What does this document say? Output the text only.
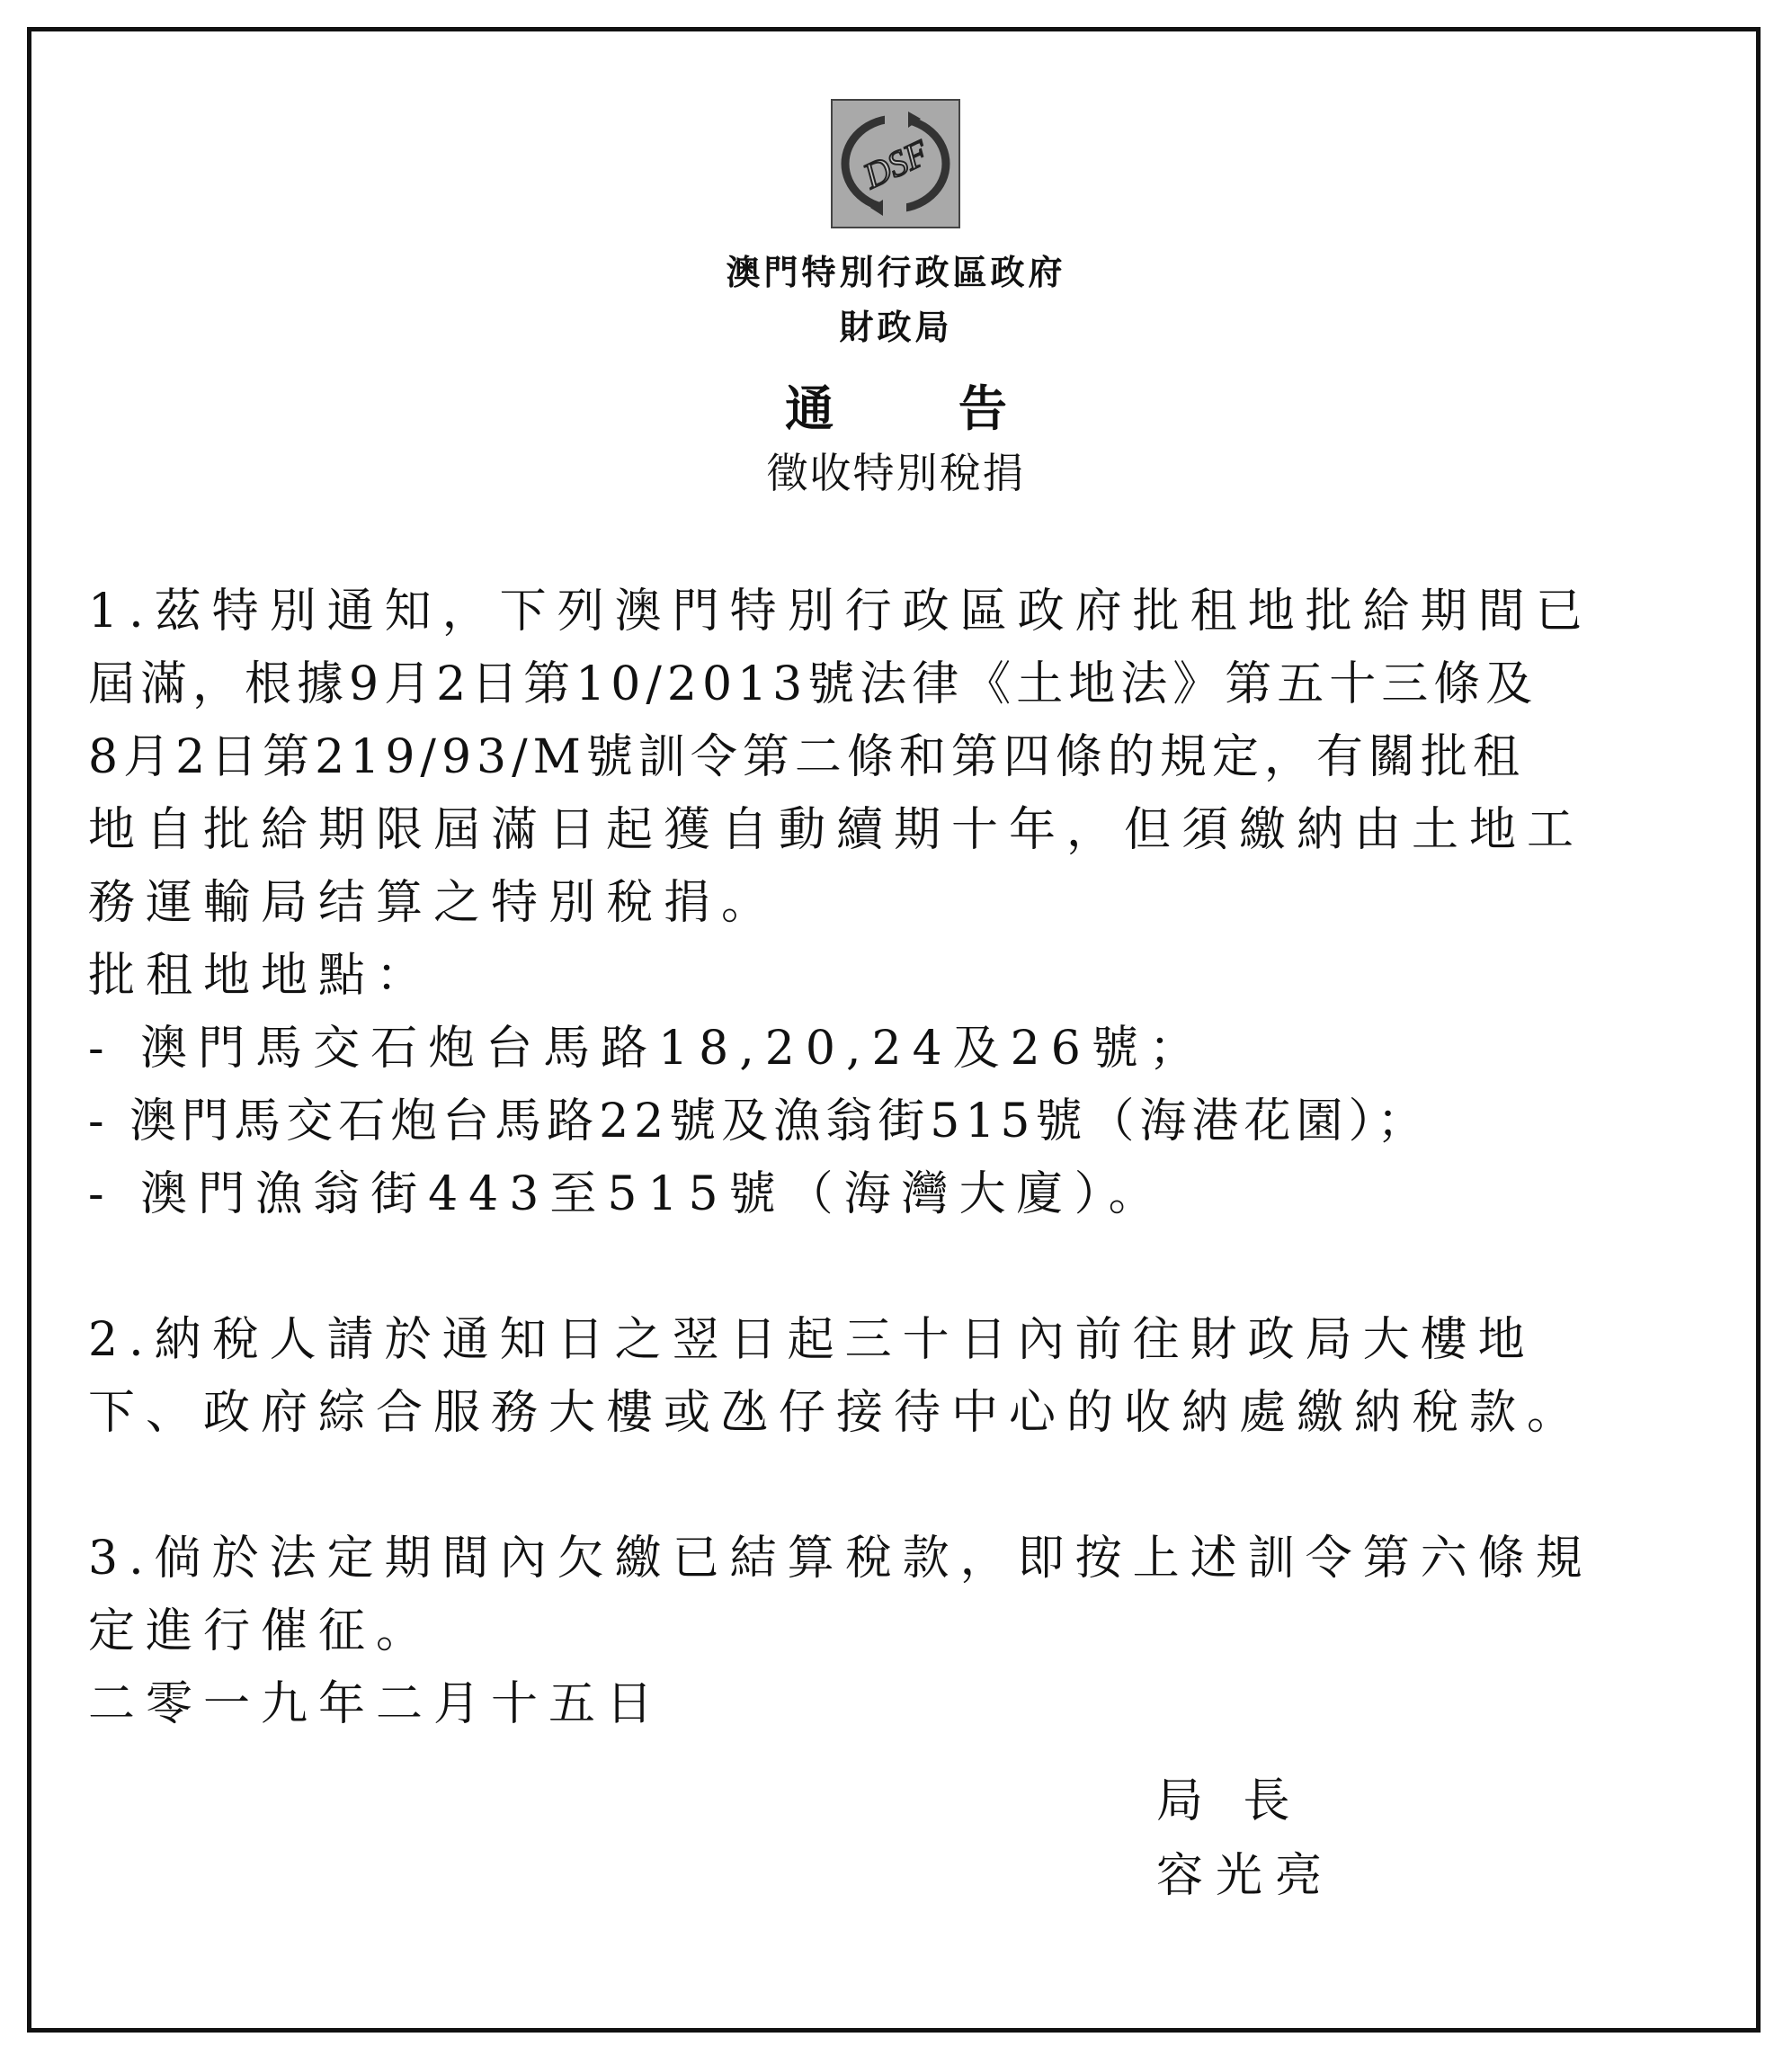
DSF
澳門特別行政區政府
財政局
通 告
徵收特別稅捐
1.茲特別通知，下列澳門特別行政區政府批租地批給期間已
屆滿，根據9月2日第10/2013號法律《土地法》第五十三條及
8月2日第219/93/M號訓令第二條和第四條的規定，有關批租
地自批給期限屆滿日起獲自動續期十年，但須繳納由土地工
務運輸局结算之特別稅捐。
批租地地點：
- 澳門馬交石炮台馬路18,20,24及26號；
- 澳門馬交石炮台馬路22號及漁翁街515號（海港花園）；
- 澳門漁翁街443至515號（海灣大廈）。
2.納稅人請於通知日之翌日起三十日內前往財政局大樓地
下、政府綜合服務大樓或氹仔接待中心的收納處繳納稅款。
3.倘於法定期間內欠繳已結算稅款，即按上述訓令第六條規
定進行催征。
二零一九年二月十五日
局 長
容光亮
